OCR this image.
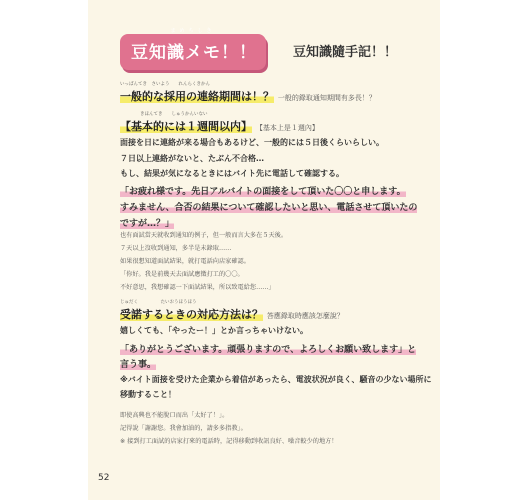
まめちしき
豆知識メモ！！	豆知識隨手記！！
いっぱんてき　さいよう　　れんらくきかん
一般的な採用の連絡期間は！？ 一般的錄取通知期間有多長！？
きほんてき　　しゅうかんいない
【基本的には１週間以内】 【基本上是１週內】
面接を日に連絡が来る場合もあるけど、一般的には５日後くらいらしい。
７日以上連絡がないと、たぶん不合格…
もし、結果が気になるときにはバイト先に電話して確認する。
「お疲れ様です。先日アルバイトの面接をして頂いた〇〇と申します。
すみません、合否の結果について確認したいと思い、電話させて頂いたの
ですが…？」
也有面試當天就收到通知的例子，但一般而言大多在５天後。
７天以上沒收到通知，多半是未錄取……
如果很想知道面試結果，就打電話向店家確認。
「你好。我是前幾天去面試應徵打工的〇〇。
不好意思，我想確認一下面試結果，所以致電給您……」
じゅだく　　　　　たいおうほうほう
受諾するときの対応方法は？ 答應錄取時應該怎麼說？
嬉しくても、「やったー！」とか言っちゃいけない。
「ありがとうございます。頑張りますので、よろしくお願い致します」と
言う事。
※バイト面接を受けた企業から着信があったら、電波状況が良く、騒音の少ない場所に
移動すること！
即使高興也不能脫口而出「太好了！」。
記得說「謝謝您。我會加油的，請多多指教」。
※ 接到打工面試的店家打來的電話時，記得移動到收訊良好、噪音較少的地方！
52
